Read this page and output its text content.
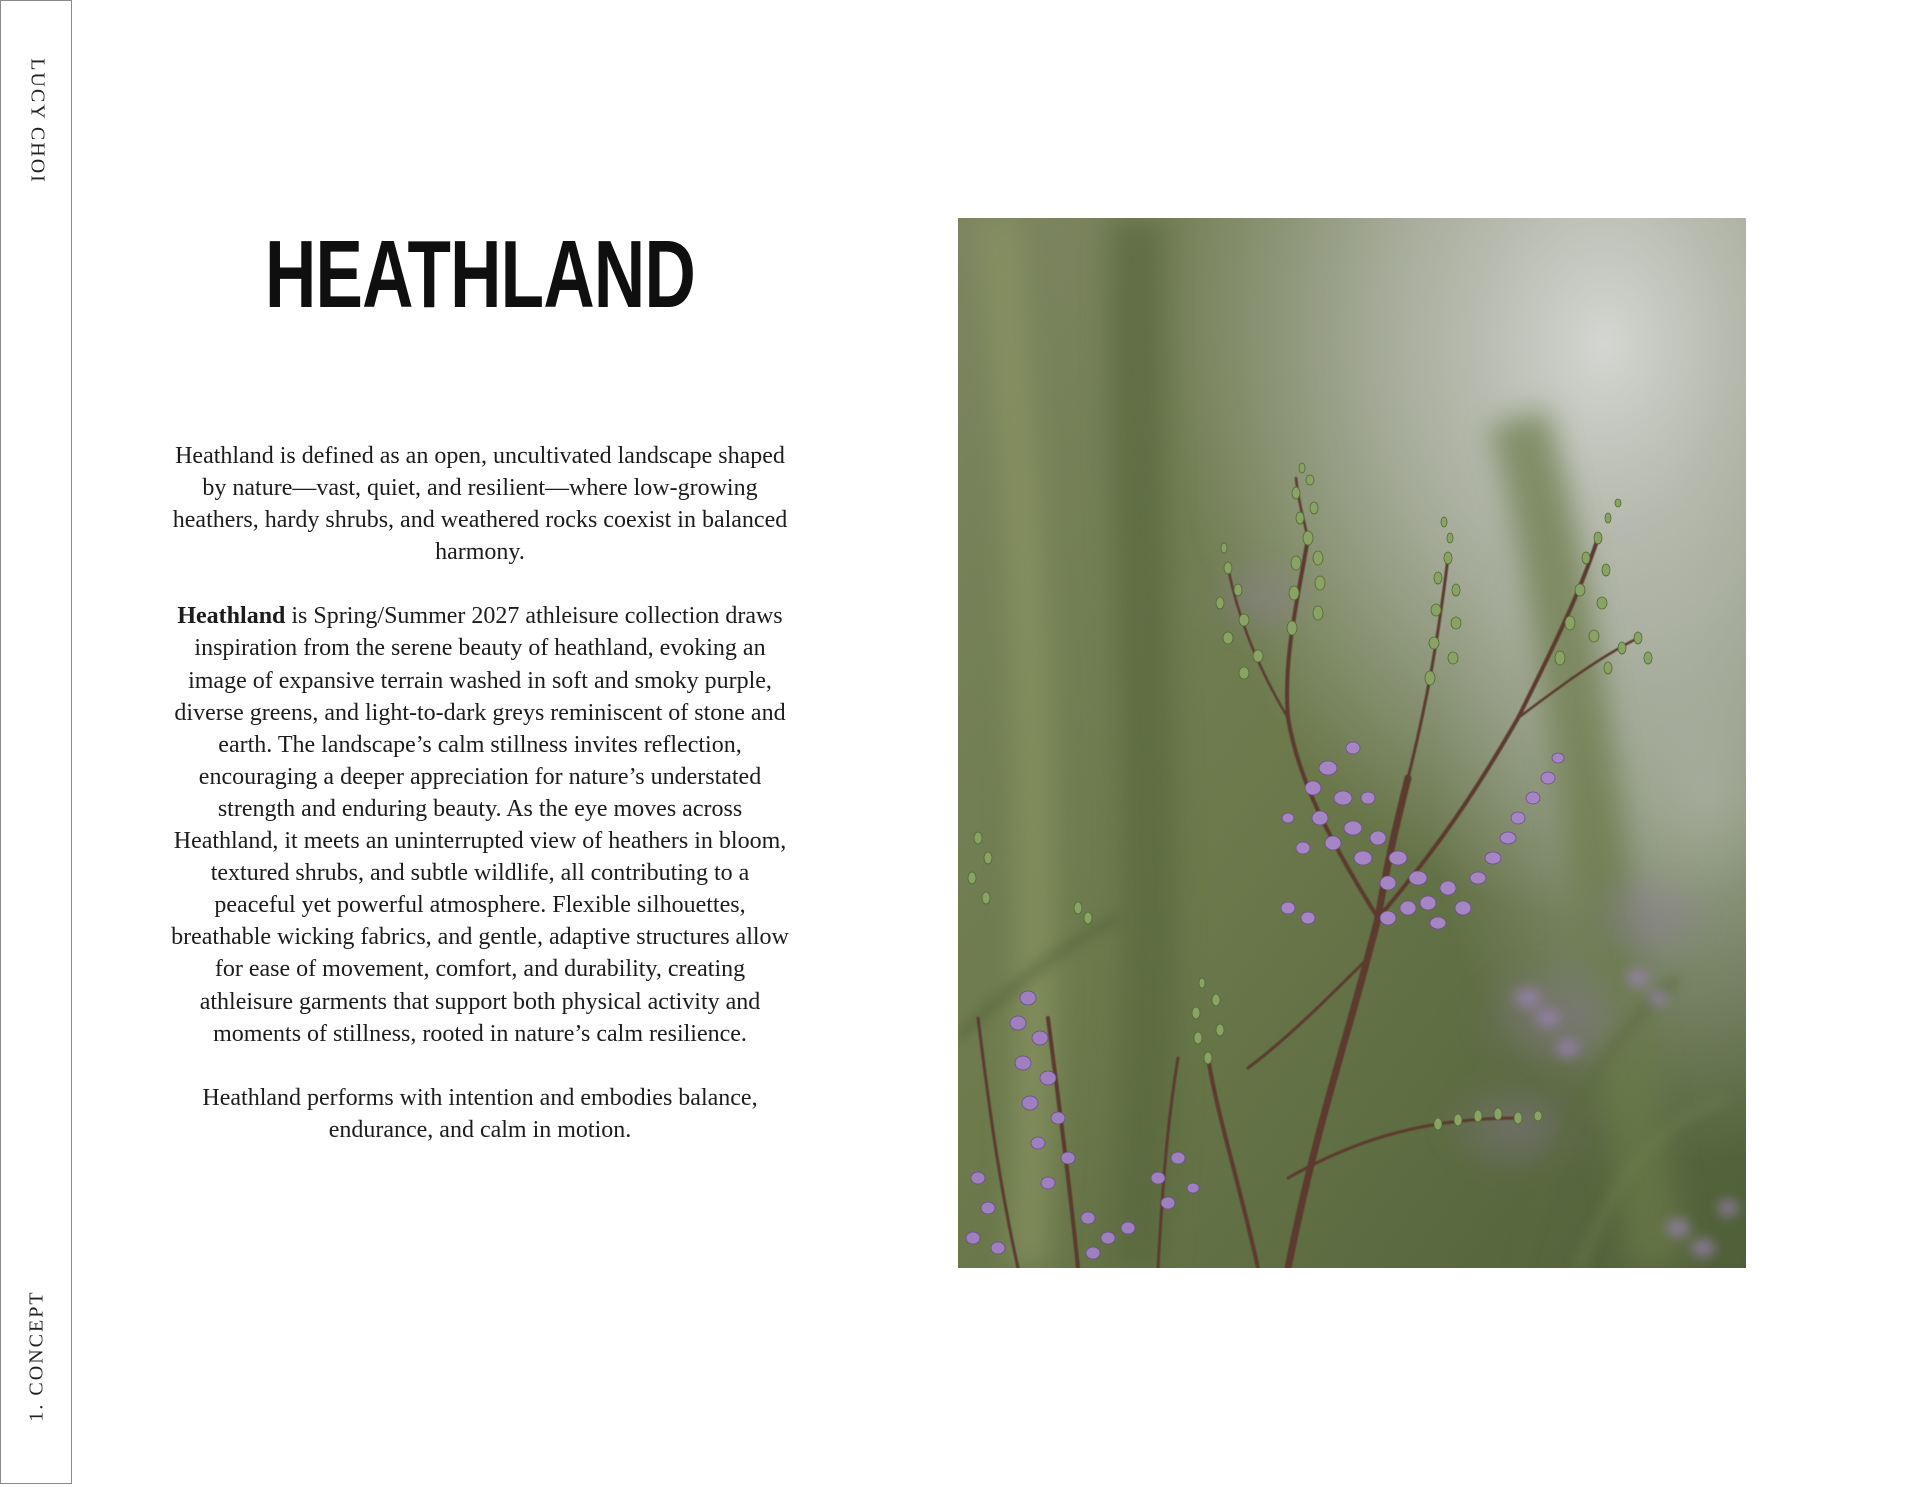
LUCY CHOI
1. CONCEPT
HEATHLAND

Heathland is defined as an open, uncultivated landscape shaped by nature—vast, quiet, and resilient—where low-growing heathers, hardy shrubs, and weathered rocks coexist in balanced harmony.

Heathland is Spring/Summer 2027 athleisure collection draws inspiration from the serene beauty of heathland, evoking an image of expansive terrain washed in soft and smoky purple, diverse greens, and light-to-dark greys reminiscent of stone and earth. The landscape’s calm stillness invites reflection, encouraging a deeper appreciation for nature’s understated strength and enduring beauty. As the eye moves across Heathland, it meets an uninterrupted view of heathers in bloom, textured shrubs, and subtle wildlife, all contributing to a peaceful yet powerful atmosphere. Flexible silhouettes, breathable wicking fabrics, and gentle, adaptive structures allow for ease of movement, comfort, and durability, creating athleisure garments that support both physical activity and moments of stillness, rooted in nature’s calm resilience.

Heathland performs with intention and embodies balance, endurance, and calm in motion.
